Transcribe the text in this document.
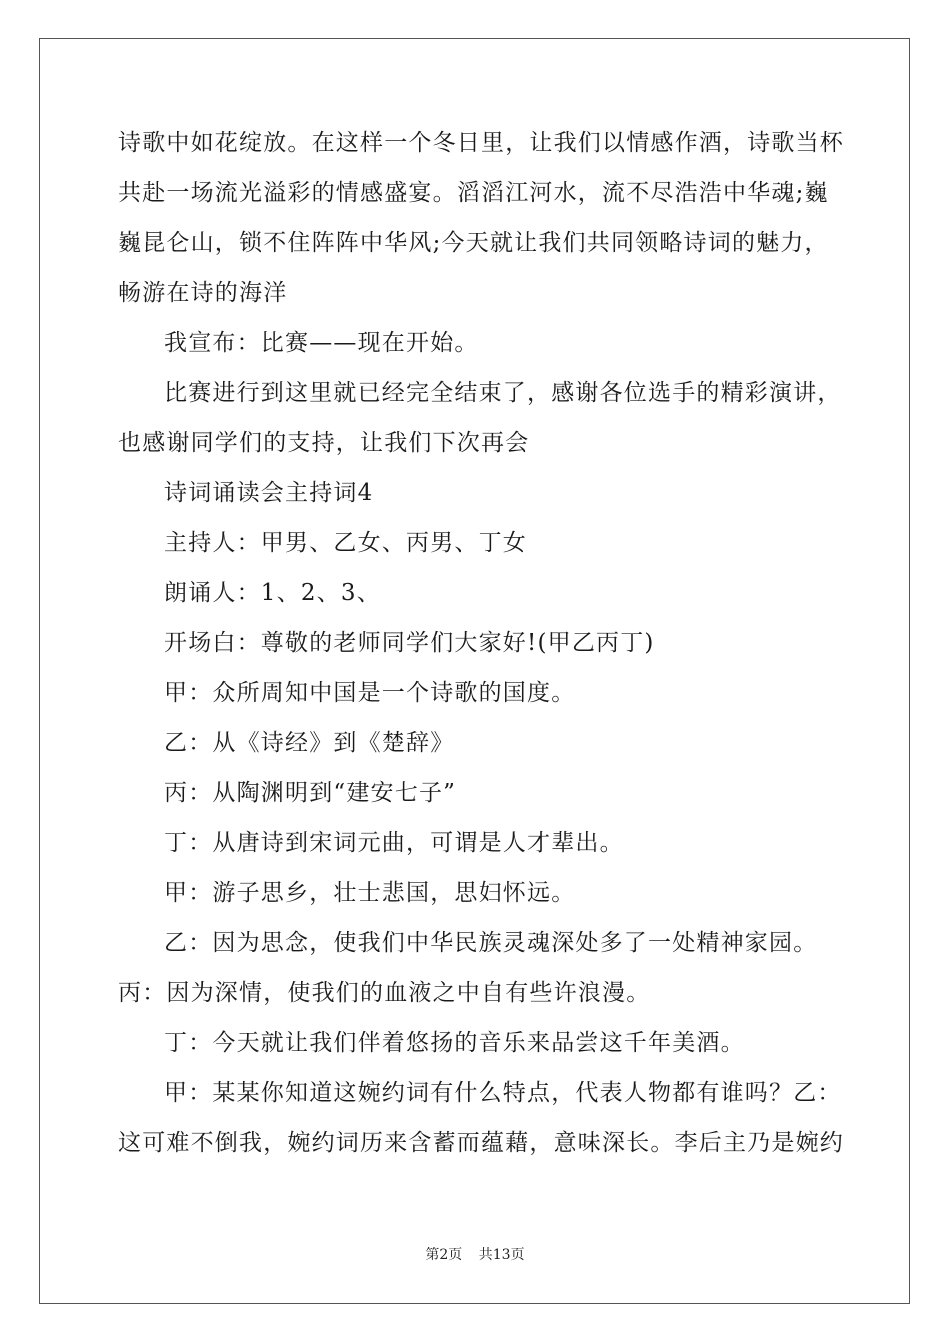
诗歌中如花绽放。在这样一个冬日里，让我们以情感作酒，诗歌当杯
共赴一场流光溢彩的情感盛宴。滔滔江河水，流不尽浩浩中华魂;巍
巍昆仑山，锁不住阵阵中华风;今天就让我们共同领略诗词的魅力，
畅游在诗的海洋
我宣布：比赛——现在开始。
比赛进行到这里就已经完全结束了，感谢各位选手的精彩演讲，
也感谢同学们的支持，让我们下次再会
诗词诵读会主持词4
主持人：甲男、乙女、丙男、丁女
朗诵人：1、2、3、
开场白：尊敬的老师同学们大家好!(甲乙丙丁)
甲：众所周知中国是一个诗歌的国度。
乙：从《诗经》到《楚辞》
丙：从陶渊明到“建安七子”
丁：从唐诗到宋词元曲，可谓是人才辈出。
甲：游子思乡，壮士悲国，思妇怀远。
乙：因为思念，使我们中华民族灵魂深处多了一处精神家园。
丙：因为深情，使我们的血液之中自有些许浪漫。
丁：今天就让我们伴着悠扬的音乐来品尝这千年美酒。
甲：某某你知道这婉约词有什么特点，代表人物都有谁吗？乙：
这可难不倒我，婉约词历来含蓄而蕴藉，意味深长。李后主乃是婉约
第2页 共13页
